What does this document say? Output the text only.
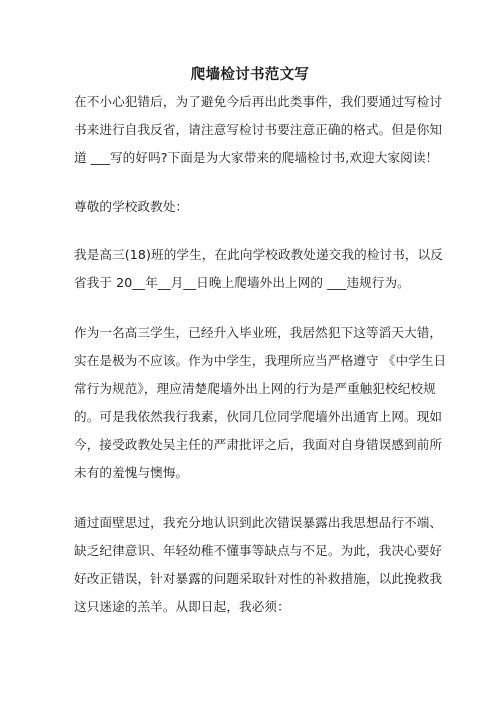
爬墙检讨书范文写
在不小心犯错后，为了避免今后再出此类事件，我们要通过写检讨
书来进行自我反省，请注意写检讨书要注意正确的格式。但是你知
道 ___写的好吗?下面是为大家带来的爬墙检讨书,欢迎大家阅读！
尊敬的学校政教处：
我是高三(18)班的学生，在此向学校政教处递交我的检讨书，以反
省我于 20__年__月__日晚上爬墙外出上网的 ___违规行为。
作为一名高三学生，已经升入毕业班，我居然犯下这等滔天大错，
实在是极为不应该。作为中学生，我理所应当严格遵守 《中学生日
常行为规范》，理应清楚爬墙外出上网的行为是严重触犯校纪校规
的。可是我依然我行我素，伙同几位同学爬墙外出通宵上网。现如
今，接受政教处吴主任的严肃批评之后，我面对自身错误感到前所
未有的羞愧与懊悔。
通过面壁思过，我充分地认识到此次错误暴露出我思想品行不端、
缺乏纪律意识、年轻幼稚不懂事等缺点与不足。为此，我决心要好
好改正错误，针对暴露的问题采取针对性的补救措施，以此挽救我
这只迷途的羔羊。从即日起，我必须：
